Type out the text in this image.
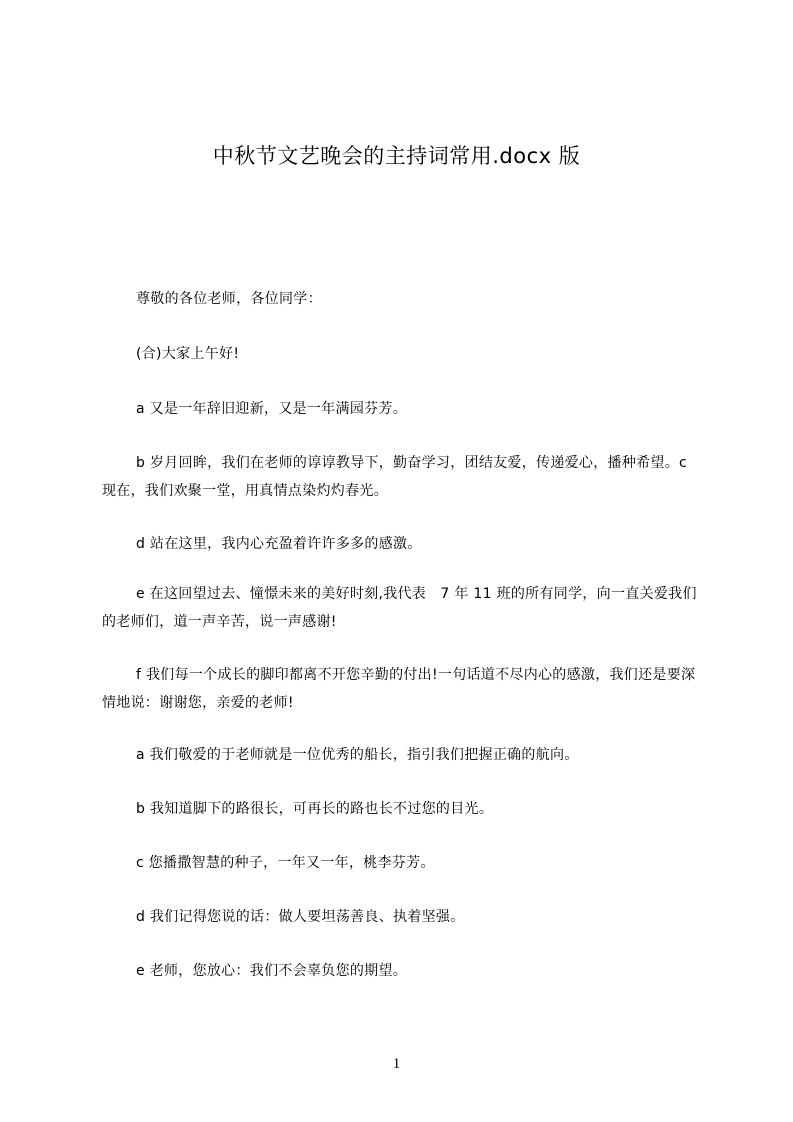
中秋节文艺晚会的主持词常用.docx 版

尊敬的各位老师，各位同学：

(合)大家上午好!

a 又是一年辞旧迎新，又是一年满园芬芳。

b 岁月回眸，我们在老师的谆谆教导下，勤奋学习，团结友爱，传递爱心，播种希望。c 现在，我们欢聚一堂，用真情点染灼灼春光。

d 站在这里，我内心充盈着许许多多的感激。

e 在这回望过去、憧憬未来的美好时刻,我代表　7 年 11 班的所有同学，向一直关爱我们的老师们，道一声辛苦，说一声感谢!

f 我们每一个成长的脚印都离不开您辛勤的付出!一句话道不尽内心的感激，我们还是要深情地说：谢谢您，亲爱的老师!

a 我们敬爱的于老师就是一位优秀的船长，指引我们把握正确的航向。

b 我知道脚下的路很长，可再长的路也长不过您的目光。

c 您播撒智慧的种子，一年又一年，桃李芬芳。

d 我们记得您说的话：做人要坦荡善良、执着坚强。

e 老师，您放心：我们不会辜负您的期望。

1
